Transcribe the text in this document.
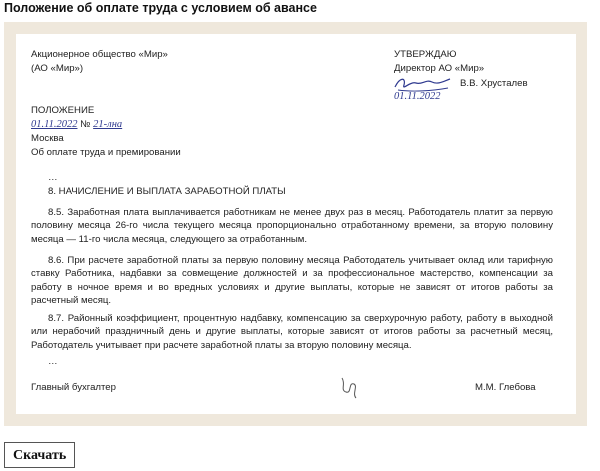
Положение об оплате труда с условием об авансе
Акционерное общество «Мир»
(АО «Мир»)
УТВЕРЖДАЮ
Директор АО «Мир»
В.В. Хрусталев
01.11.2022
ПОЛОЖЕНИЕ
01.11.2022 № 21-лна
Москва
Об оплате труда и премировании
…
8. НАЧИСЛЕНИЕ И ВЫПЛАТА ЗАРАБОТНОЙ ПЛАТЫ
8.5. Заработная плата выплачивается работникам не менее двух раз в месяц. Работодатель платит за первую половину месяца 26-го числа текущего месяца пропорционально отработанному времени, за вторую половину месяца — 11-го числа месяца, следующего за отработанным.
8.6. При расчете заработной платы за первую половину месяца Работодатель учитывает оклад или тарифную ставку Работника, надбавки за совмещение должностей и за профессиональное мастерство, компенсации за работу в ночное время и во вредных условиях и другие выплаты, которые не зависят от итогов работы за расчетный месяц.
8.7. Районный коэффициент, процентную надбавку, компенсацию за сверхурочную работу, работу в выходной или нерабочий праздничный день и другие выплаты, которые зависят от итогов работы за расчетный месяц, Работодатель учитывает при расчете заработной платы за вторую половину месяца.
…
Главный бухгалтер	М.М. Глебова
Скачать
